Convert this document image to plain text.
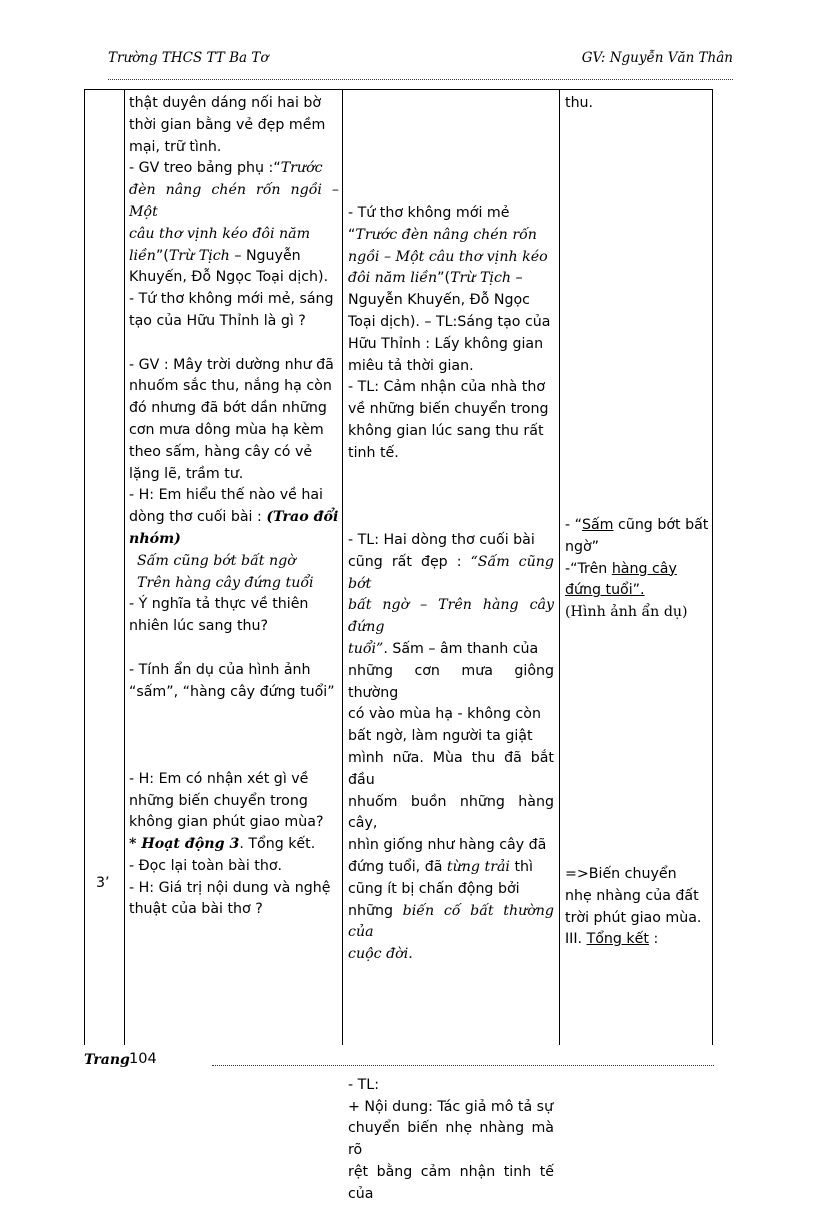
Trường THCS TT Ba Tơ	GV: Nguyễn Văn Thân
3’

thật duyên dáng nối hai bờ

thời gian bằng vẻ đẹp mềm

mại, trữ tình.

- GV treo bảng phụ :“Trước

đèn nâng chén rốn ngồi – Một

câu thơ vịnh kéo đôi năm

liền”(Trừ Tịch – Nguyễn

Khuyến, Đỗ Ngọc Toại dịch).

- Tứ thơ không mới mẻ, sáng

tạo của Hữu Thỉnh là gì ?

- GV : Mây trời dường như đã

nhuốm sắc thu, nắng hạ còn

đó nhưng đã bớt dần những

cơn mưa dông mùa hạ kèm

theo sấm, hàng cây có vẻ

lặng lẽ, trầm tư.

- H: Em hiểu thế nào về hai

dòng thơ cuối bài : (Trao đổi

nhóm)

Sấm cũng bớt bất ngờ

Trên hàng cây đứng tuổi

- Ý nghĩa tả thực về thiên

nhiên lúc sang thu?

- Tính ẩn dụ của hình ảnh

“sấm”, “hàng cây đứng tuổi”

- H: Em có nhận xét gì về

những biến chuyển trong

không gian phút giao mùa?

* Hoạt động 3. Tổng kết.

- Đọc lại toàn bài thơ.

- H: Giá trị nội dung và nghệ

thuật của bài thơ ?

- Tứ thơ không mới mẻ

“Trước đèn nâng chén rốn

ngồi – Một câu thơ vịnh kéo

đôi năm liền”(Trừ Tịch –

Nguyễn Khuyến, Đỗ Ngọc

Toại dịch). – TL:Sáng tạo của

Hữu Thỉnh : Lấy không gian

miêu tả thời gian.

- TL: Cảm nhận của nhà thơ

về những biến chuyển trong

không gian lúc sang thu rất

tinh tế.

- TL: Hai dòng thơ cuối bài

cũng rất đẹp : “Sấm cũng bớt

bất ngờ – Trên hàng cây đứng

tuổi”. Sấm – âm thanh của

những cơn mưa giông thường

có vào mùa hạ - không còn

bất ngờ, làm người ta giật

mình nữa. Mùa thu đã bắt đầu

nhuốm buồn những hàng cây,

nhìn giống như hàng cây đã

đứng tuổi, đã từng trải thì

cũng ít bị chấn động bởi

những biến cố bất thường của

cuộc đời.

- TL:

+ Nội dung: Tác giả mô tả sự

chuyển biến nhẹ nhàng mà rõ

rệt bằng cảm nhận tinh tế của

thu.

- “Sấm cũng bớt bất

ngờ”

-“Trên hàng cây

đứng tuổi”.

(Hình ảnh ẩn dụ)

=>Biến chuyển

nhẹ nhàng của đất

trời phút giao mùa.

III. Tổng kết :

Trang 104
